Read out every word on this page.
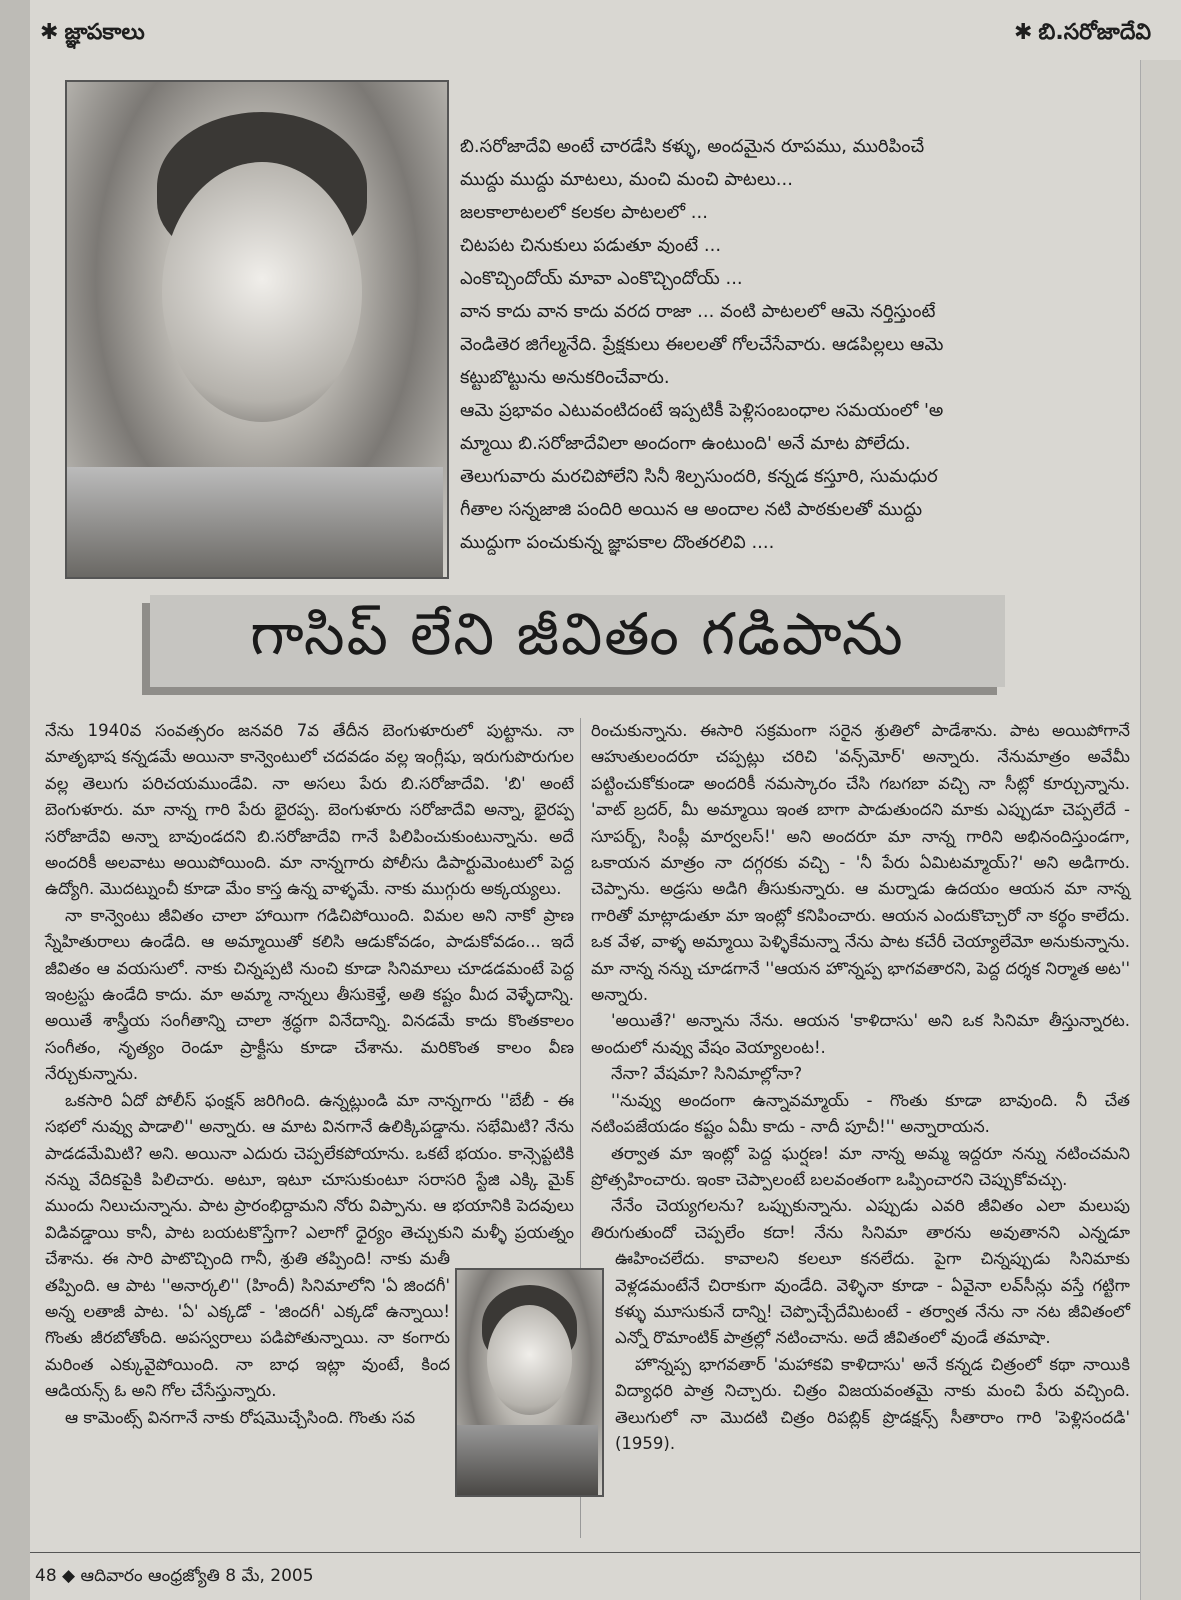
✱ జ్ఞాపకాలు	✱ బి.సరోజాదేవి
బి.సరోజాదేవి అంటే చారడేసి కళ్ళు, అందమైన రూపము, మురిపించే
ముద్దు ముద్దు మాటలు, మంచి మంచి పాటలు...
జలకాలాటలలో కలకల పాటలలో ...
చిటపట చినుకులు పడుతూ వుంటే ...
ఎంకొచ్చిందోయ్ మావా ఎంకొచ్చిందోయ్ ...
వాన కాదు వాన కాదు వరద రాజా ... వంటి పాటలలో ఆమె నర్తిస్తుంటే
వెండితెర జిగేల్మనేది. ప్రేక్షకులు ఈలలతో గోలచేసేవారు. ఆడపిల్లలు ఆమె
కట్టుబొట్టును అనుకరించేవారు.
ఆమె ప్రభావం ఎటువంటిదంటే ఇప్పటికీ పెళ్లిసంబంధాల సమయంలో 'అ
మ్మాయి బి.సరోజాదేవిలా అందంగా ఉంటుంది' అనే మాట పోలేదు.
తెలుగువారు మరచిపోలేని సినీ శిల్పసుందరి, కన్నడ కస్తూరి, సుమధుర
గీతాల సన్నజాజి పందిరి అయిన ఆ అందాల నటి పాఠకులతో ముద్దు
ముద్దుగా పంచుకున్న జ్ఞాపకాల దొంతరలివి ....
గాసిప్ లేని జీవితం గడిపాను

నేను 1940వ సంవత్సరం జనవరి 7వ తేదీన బెంగుళూరులో పుట్టాను. నా మాతృభాష కన్నడమే అయినా కాన్వెంటులో చదవడం వల్ల ఇంగ్లీషు, ఇరుగుపొరుగుల వల్ల తెలుగు పరిచయముండేవి. నా అసలు పేరు బి.సరోజాదేవి. 'బి' అంటే బెంగుళూరు. మా నాన్న గారి పేరు భైరప్ప. బెంగుళూరు సరోజాదేవి అన్నా, భైరప్ప సరోజాదేవి అన్నా బావుండదని బి.సరోజాదేవి గానే పిలిపించుకుంటున్నాను. అదే అందరికీ అలవాటు అయిపోయింది. మా నాన్నగారు పోలీసు డిపార్టుమెంటులో పెద్ద ఉద్యోగి. మొదట్నుంచీ కూడా మేం కాస్త ఉన్న వాళ్ళమే. నాకు ముగ్గురు అక్కయ్యలు.

నా కాన్వెంటు జీవితం చాలా హాయిగా గడిచిపోయింది. విమల అని నాకో ప్రాణ స్నేహితురాలు ఉండేది. ఆ అమ్మాయితో కలిసి ఆడుకోవడం, పాడుకోవడం... ఇదే జీవితం ఆ వయసులో. నాకు చిన్నప్పటి నుంచి కూడా సినిమాలు చూడడమంటే పెద్ద ఇంట్రస్టు ఉండేది కాదు. మా అమ్మా నాన్నలు తీసుకెళ్తే, అతి కష్టం మీద వెళ్ళేదాన్ని. అయితే శాస్త్రీయ సంగీతాన్ని చాలా శ్రద్ధగా వినేదాన్ని. వినడమే కాదు కొంతకాలం సంగీతం, నృత్యం రెండూ ప్రాక్టీసు కూడా చేశాను. మరికొంత కాలం వీణ నేర్చుకున్నాను.

ఒకసారి ఏదో పోలీస్ ఫంక్షన్ జరిగింది. ఉన్నట్లుండి మా నాన్నగారు ''బేబీ - ఈ సభలో నువ్వు పాడాలి'' అన్నారు. ఆ మాట వినగానే ఉలిక్కిపడ్డాను. సభేమిటి? నేను పాడడమేమిటి? అని. అయినా ఎదురు చెప్పలేకపోయాను. ఒకటే భయం. కాన్సెప్టటికి నన్ను వేదికపైకి పిలిచారు. అటూ, ఇటూ చూసుకుంటూ సరాసరి స్టేజి ఎక్కి మైక్ ముందు నిలుచున్నాను. పాట ప్రారంభిద్దామని నోరు విప్పాను. ఆ భయానికి పెదవులు విడివడ్డాయి కానీ, పాట బయటకొస్తేగా? ఎలాగో ధైర్యం తెచ్చుకుని మళ్ళీ ప్రయత్నం చేశాను. ఈ సారి పాటొచ్చింది గానీ, శ్రుతి తప్పింది! నాకు మతీ తప్పింది. ఆ పాట ''అనార్కలి'' (హిందీ) సినిమాలోని 'ఏ జిందగీ' అన్న లతాజీ పాట. 'ఏ' ఎక్కడో - 'జిందగీ' ఎక్కడో ఉన్నాయి! గొంతు జీరబోతోంది. అపస్వరాలు పడిపోతున్నాయి. నా కంగారు మరింత ఎక్కువైపోయింది. నా బాధ ఇట్లా వుంటే, కింద ఆడియన్స్ ఓ అని గోల చేసేస్తున్నారు.

ఆ కామెంట్స్ వినగానే నాకు రోషమొచ్చేసింది. గొంతు సవ

రించుకున్నాను. ఈసారి సక్రమంగా సరైన శ్రుతిలో పాడేశాను. పాట అయిపోగానే ఆహుతులందరూ చప్పట్లు చరిచి 'వన్స్‌మోర్' అన్నారు. నేనుమాత్రం అవేమీ పట్టించుకోకుండా అందరికీ నమస్కారం చేసి గబగబా వచ్చి నా సీట్లో కూర్చున్నాను. 'వాట్ బ్రదర్, మీ అమ్మాయి ఇంత బాగా పాడుతుందని మాకు ఎప్పుడూ చెప్పలేదే - సూపర్బ్, సింప్లీ మార్వలస్!' అని అందరూ మా నాన్న గారిని అభినందిస్తుండగా, ఒకాయన మాత్రం నా దగ్గరకు వచ్చి - 'నీ పేరు ఏమిటమ్మాయ్?' అని అడిగారు. చెప్పాను. అడ్రసు అడిగి తీసుకున్నారు. ఆ మర్నాడు ఉదయం ఆయన మా నాన్న గారితో మాట్లాడుతూ మా ఇంట్లో కనిపించారు. ఆయన ఎందుకొచ్చారో నా కర్థం కాలేదు. ఒక వేళ, వాళ్ళ అమ్మాయి పెళ్ళికేమన్నా నేను పాట కచేరీ చెయ్యాలేమో అనుకున్నాను. మా నాన్న నన్ను చూడగానే ''ఆయన హొన్నప్ప భాగవతారని, పెద్ద దర్శక నిర్మాత అట'' అన్నారు.

'అయితే?' అన్నాను నేను. ఆయన 'కాళిదాసు' అని ఒక సినిమా తీస్తున్నారట. అందులో నువ్వు వేషం వెయ్యాలంట!.

నేనా? వేషమా? సినిమాల్లోనా?

''నువ్వు అందంగా ఉన్నావమ్మాయ్ - గొంతు కూడా బావుంది. నీ చేత నటింపజేయడం కష్టం ఏమీ కాదు - నాదీ పూచీ!'' అన్నారాయన.

తర్వాత మా ఇంట్లో పెద్ద ఘర్షణ! మా నాన్న అమ్మ ఇద్దరూ నన్ను నటించమని ప్రోత్సహించారు. ఇంకా చెప్పాలంటే బలవంతంగా ఒప్పించారని చెప్పుకోవచ్చు.

నేనేం చెయ్యగలను? ఒప్పుకున్నాను. ఎప్పుడు ఎవరి జీవితం ఎలా మలుపు తిరుగుతుందో చెప్పలేం కదా! నేను సినిమా తారను అవుతానని ఎన్నడూ ఊహించలేదు. కావాలని కలలూ కనలేదు. పైగా చిన్నప్పుడు సినిమాకు వెళ్లడమంటేనే చిరాకుగా వుండేది. వెళ్ళినా కూడా - ఏవైనా లవ్‌సీన్లు వస్తే గట్టిగా కళ్ళు మూసుకునే దాన్ని! చెప్పొచ్చేదేమిటంటే - తర్వాత నేను నా నట జీవితంలో ఎన్నో రొమాంటిక్ పాత్రల్లో నటించాను. అదే జీవితంలో వుండే తమాషా.

హొన్నప్ప భాగవతార్ 'మహాకవి కాళిదాసు' అనే కన్నడ చిత్రంలో కథా నాయికి విద్యాధరి పాత్ర నిచ్చారు. చిత్రం విజయవంతమై నాకు మంచి పేరు వచ్చింది. తెలుగులో నా మొదటి చిత్రం రిపబ్లిక్ ప్రొడక్షన్స్ సీతారాం గారి 'పెళ్లిసందడి' (1959).

48 ◆ ఆదివారం ఆంధ్రజ్యోతి 8 మే, 2005
